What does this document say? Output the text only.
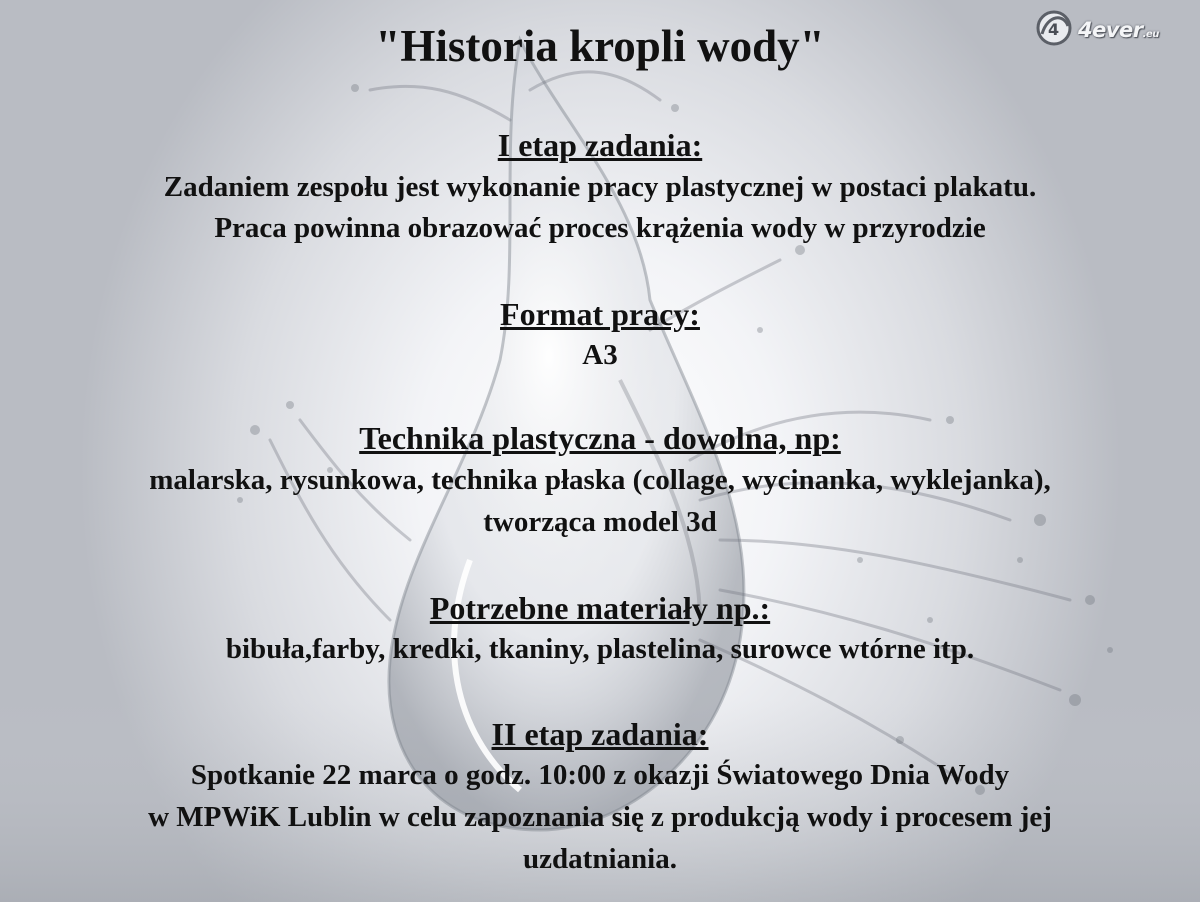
4 4ever.eu
"Historia kropli wody"
I etap zadania:
Zadaniem zespołu jest wykonanie pracy plastycznej w postaci plakatu.
Praca powinna obrazować proces krążenia wody w przyrodzie
Format pracy:
A3
Technika plastyczna - dowolna, np:
malarska, rysunkowa, technika płaska (collage, wycinanka, wyklejanka),
tworząca model 3d
Potrzebne materiały np.:
bibuła,farby, kredki, tkaniny, plastelina, surowce wtórne itp.
II etap zadania:
Spotkanie 22 marca o godz. 10:00 z okazji Światowego Dnia Wody
w MPWiK Lublin w celu zapoznania się z produkcją wody i procesem jej
uzdatniania.
